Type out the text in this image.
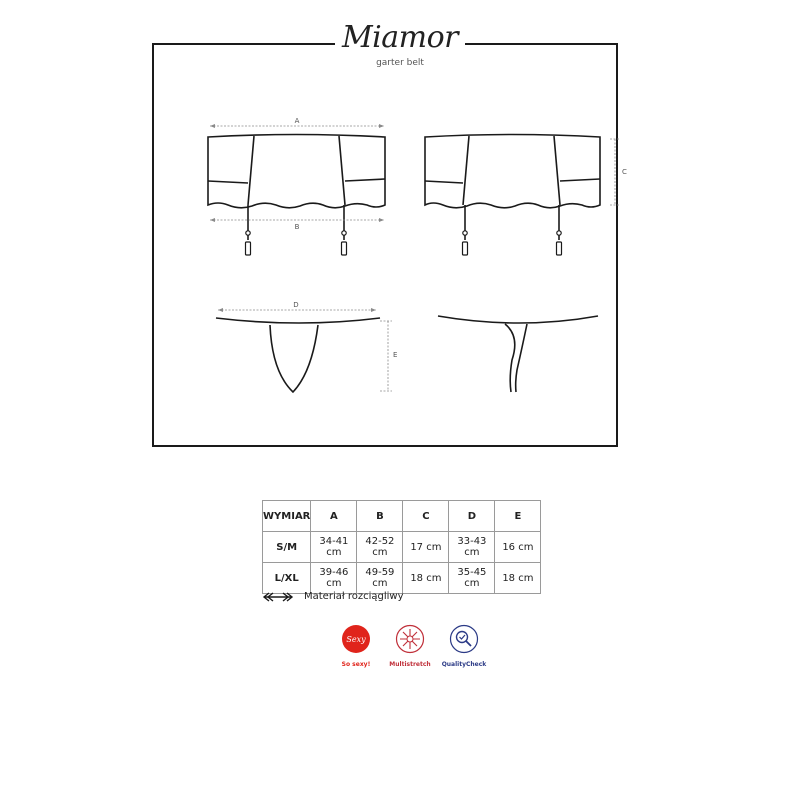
Miamor
garter belt
A
B
C
D
E
WYMIAR	A	B	C	D	E
S/M	34-41 cm	42-52 cm	17 cm	33-43 cm	16 cm
L/XL	39-46 cm	49-59 cm	18 cm	35-45 cm	18 cm
Materiał rozciągliwy
Sexy
So sexy!	Multistretch	QualityCheck
